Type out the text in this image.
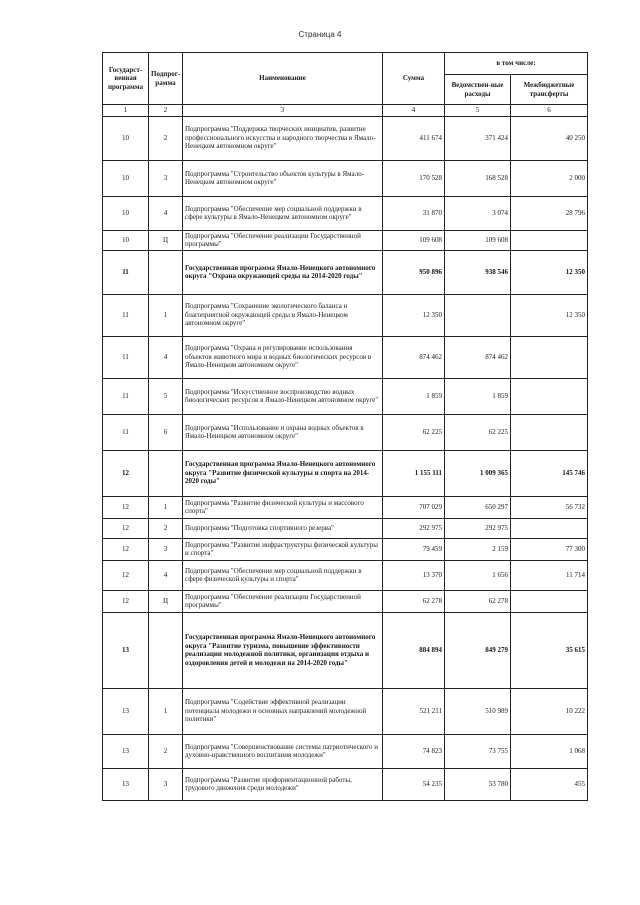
Страница 4
Государст-венная программа	Подпрог-рамма	Наименование	Сумма	в том числе:	
				Ведомствен-ные расходы	Межбюджетные трансферты
1	2	3	4	5	6
10	2	Подпрограмма "Поддержка творческих инициатив, развитие профессионального искусства и народного творчества в Ямало-Ненецком автономном округе"	411 674	371 424	40 250
10	3	Подпрограмма "Строительство объектов культуры в Ямало-Ненецком автономном округе"	170 528	168 528	2 000
10	4	Подпрограмма "Обеспечение мер социальной поддержки в сфере культуры в Ямало-Ненецком автономном округе"	31 870	3 074	28 796
10	Ц	Подпрограмма "Обеспечение реализации Государственной программы"	109 608	109 608	
11		Государственная программа Ямало-Ненецкого автономного округа "Охрана окружающей среды на 2014-2020 годы"	950 896	938 546	12 350
11	1	Подпрограмма "Сохранение экологического баланса и благоприятной окружающей среды в Ямало-Ненецком автономном округе"	12 350		12 350
11	4	Подпрограмма "Охрана и регулирование использования объектов животного мира и водных биологических ресурсов в Ямало-Ненецком автономном округе"	874 462	874 462	
11	5	Подпрограмма "Искусственное воспроизводство водных биологических ресурсов в Ямало-Ненецком автономном округе"	1 859	1 859	
11	6	Подпрограмма "Использование и охрана водных объектов в Ямало-Ненецком автономном округе"	62 225	62 225	
12		Государственная программа Ямало-Ненецкого автономного округа "Развитие физической культуры и спорта на 2014-2020 годы"	1 155 111	1 009 365	145 746
12	1	Подпрограмма "Развитие физической культуры и массового спорта"	707 029	650 297	56 732
12	2	Подпрограмма "Подготовка спортивного резерва"	292 975	292 975	
12	3	Подпрограмма "Развитие инфраструктуры физической культуры и спорта"	79 459	2 159	77 300
12	4	Подпрограмма "Обеспечение мер социальной поддержки в сфере физической культуры и спорта"	13 370	1 656	11 714
12	Ц	Подпрограмма "Обеспечение реализации Государственной программы"	62 278	62 278	
13		Государственная программа Ямало-Ненецкого автономного округа "Развитие туризма, повышение эффективности реализации молодежной политики, организация отдыха и оздоровления детей и молодежи на 2014-2020 годы"	884 894	849 279	35 615
13	1	Подпрограмма "Содействие эффективной реализации потенциала молодежи и основных направлений молодежной политики"	521 211	510 989	10 222
13	2	Подпрограмма "Совершенствование системы патриотического и духовно-нравственного воспитания молодежи"	74 823	73 755	1 068
13	3	Подпрограмма "Развитие профориентационной работы, трудового движения среди молодежи"	54 235	53 780	455
